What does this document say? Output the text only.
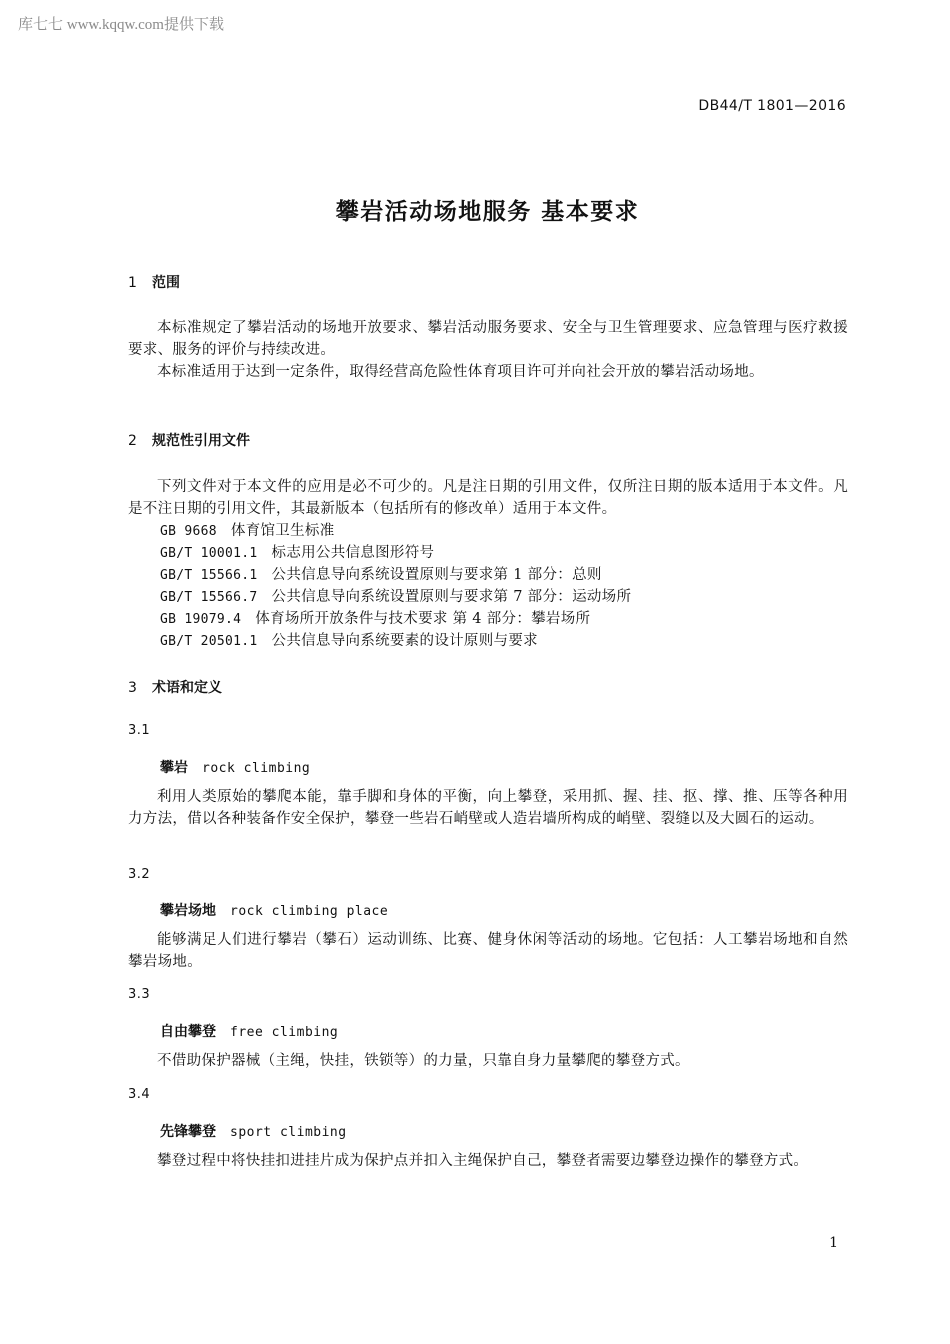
库七七 www.kqqw.com提供下载
DB44/T 1801—2016
攀岩活动场地服务 基本要求
1 范围
本标准规定了攀岩活动的场地开放要求、攀岩活动服务要求、安全与卫生管理要求、应急管理与医疗救援要求、服务的评价与持续改进。
本标准适用于达到一定条件，取得经营高危险性体育项目许可并向社会开放的攀岩活动场地。
2 规范性引用文件
下列文件对于本文件的应用是必不可少的。凡是注日期的引用文件，仅所注日期的版本适用于本文件。凡是不注日期的引用文件，其最新版本（包括所有的修改单）适用于本文件。
GB 9668 体育馆卫生标准
GB/T 10001.1 标志用公共信息图形符号
GB/T 15566.1 公共信息导向系统设置原则与要求第 1 部分：总则
GB/T 15566.7 公共信息导向系统设置原则与要求第 7 部分：运动场所
GB 19079.4 体育场所开放条件与技术要求 第 4 部分：攀岩场所
GB/T 20501.1 公共信息导向系统要素的设计原则与要求
3 术语和定义
3.1
攀岩 rock climbing
利用人类原始的攀爬本能，靠手脚和身体的平衡，向上攀登，采用抓、握、挂、抠、撑、推、压等各种用力方法，借以各种装备作安全保护，攀登一些岩石峭壁或人造岩墙所构成的峭壁、裂缝以及大圆石的运动。
3.2
攀岩场地 rock climbing place
能够满足人们进行攀岩（攀石）运动训练、比赛、健身休闲等活动的场地。它包括：人工攀岩场地和自然攀岩场地。
3.3
自由攀登 free climbing
不借助保护器械（主绳，快挂，铁锁等）的力量，只靠自身力量攀爬的攀登方式。
3.4
先锋攀登 sport climbing
攀登过程中将快挂扣进挂片成为保护点并扣入主绳保护自己，攀登者需要边攀登边操作的攀登方式。
1
